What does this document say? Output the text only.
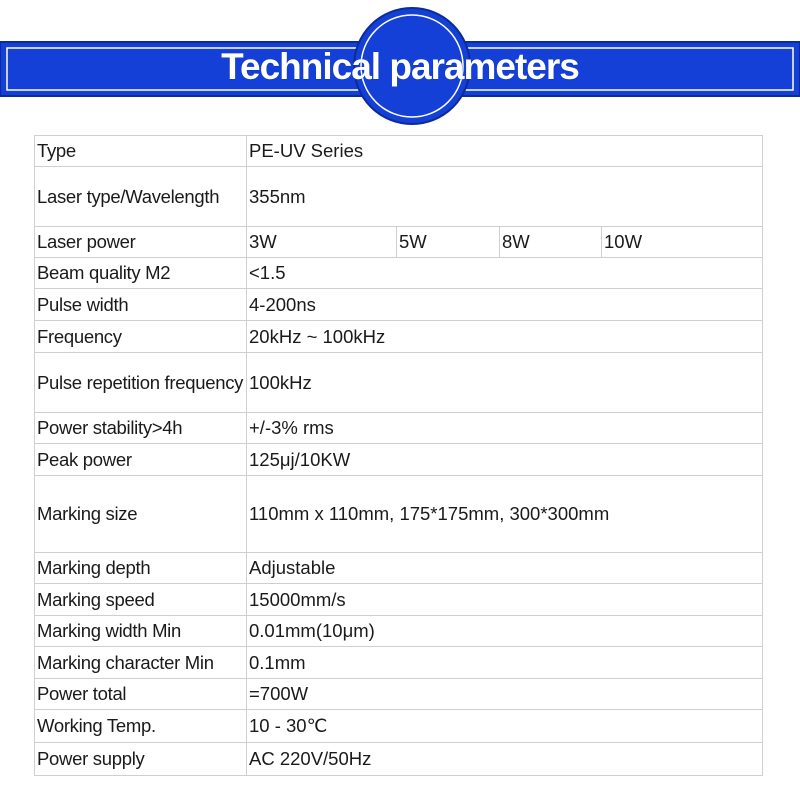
Technical parameters
Type	PE-UV Series			
Laser type/Wavelength	355nm			
Laser power	3W	5W	8W	10W
Beam quality M2	<1.5			
Pulse width	4-200ns			
Frequency	20kHz ~ 100kHz			
Pulse repetition frequency	100kHz			
Power stability>4h	+/-3% rms			
Peak power	125μj/10KW			
Marking size	110mm x 110mm, 175*175mm, 300*300mm			
Marking depth	Adjustable			
Marking speed	15000mm/s			
Marking width Min	0.01mm(10μm)			
Marking character Min	0.1mm			
Power total	=700W			
Working Temp.	10 - 30℃			
Power supply	AC 220V/50Hz			
